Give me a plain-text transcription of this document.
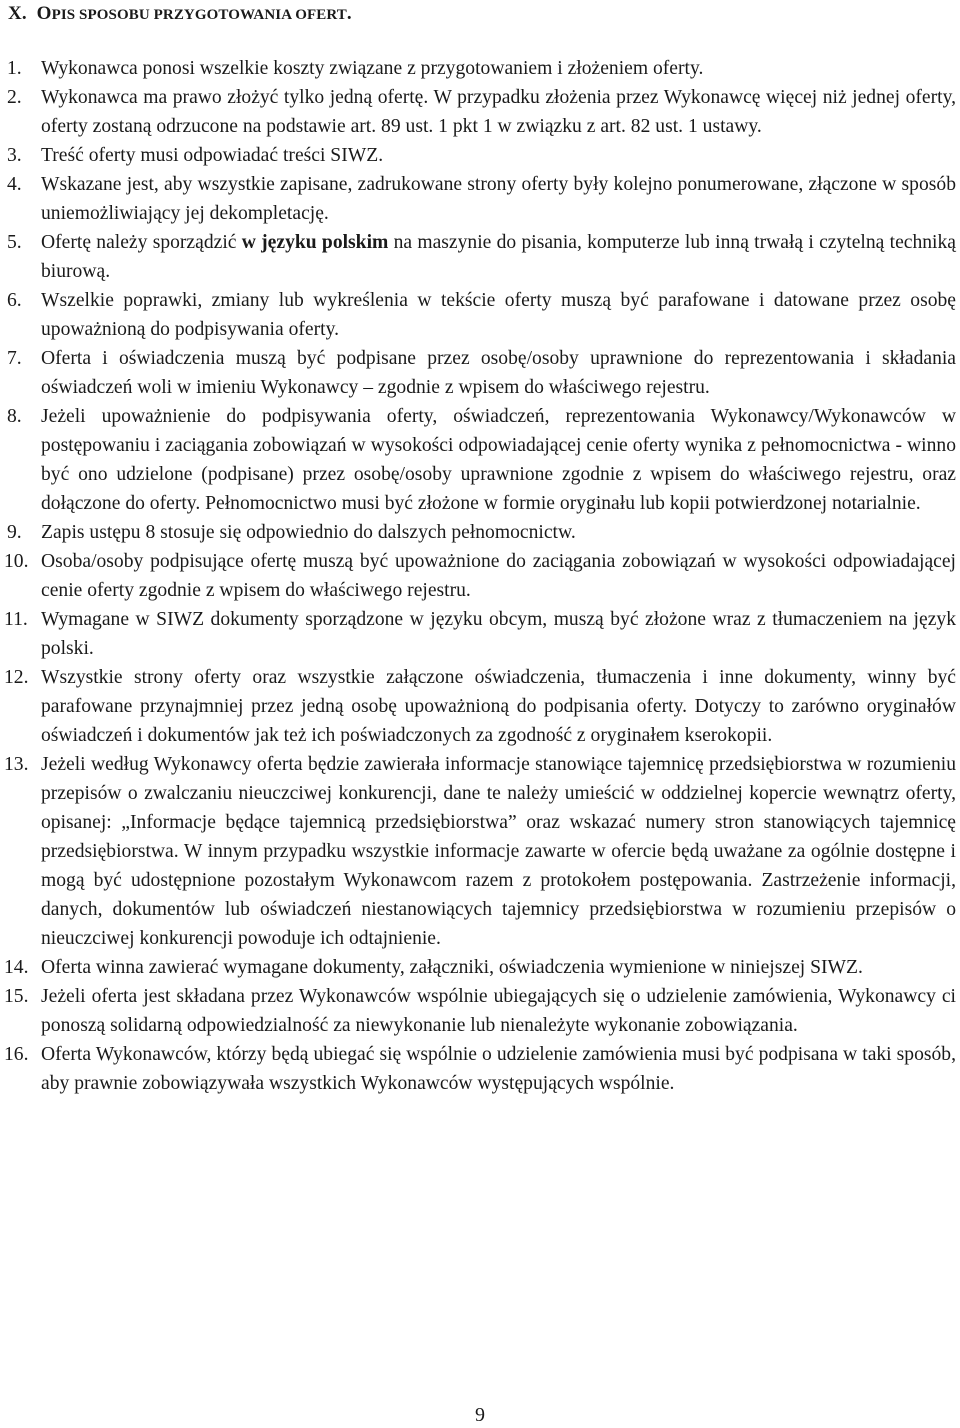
X. OPIS SPOSOBU PRZYGOTOWANIA OFERT.
1. Wykonawca ponosi wszelkie koszty związane z przygotowaniem i złożeniem oferty.
2. Wykonawca ma prawo złożyć tylko jedną ofertę. W przypadku złożenia przez Wykonawcę więcej niż jednej oferty, oferty zostaną odrzucone na podstawie art. 89 ust. 1 pkt 1 w związku z art. 82 ust. 1 ustawy.
3. Treść oferty musi odpowiadać treści SIWZ.
4. Wskazane jest, aby wszystkie zapisane, zadrukowane strony oferty były kolejno ponumerowane, złączone w sposób uniemożliwiający jej dekompletację.
5. Ofertę należy sporządzić w języku polskim na maszynie do pisania, komputerze lub inną trwałą i czytelną techniką biurową.
6. Wszelkie poprawki, zmiany lub wykreślenia w tekście oferty muszą być parafowane i datowane przez osobę upoważnioną do podpisywania oferty.
7. Oferta i oświadczenia muszą być podpisane przez osobę/osoby uprawnione do reprezentowania i składania oświadczeń woli w imieniu Wykonawcy – zgodnie z wpisem do właściwego rejestru.
8. Jeżeli upoważnienie do podpisywania oferty, oświadczeń, reprezentowania Wykonawcy/Wykonawców w postępowaniu i zaciągania zobowiązań w wysokości odpowiadającej cenie oferty wynika z pełnomocnictwa - winno być ono udzielone (podpisane) przez osobę/osoby uprawnione zgodnie z wpisem do właściwego rejestru, oraz dołączone do oferty. Pełnomocnictwo musi być złożone w formie oryginału lub kopii potwierdzonej notarialnie.
9. Zapis ustępu 8 stosuje się odpowiednio do dalszych pełnomocnictw.
10. Osoba/osoby podpisujące ofertę muszą być upoważnione do zaciągania zobowiązań w wysokości odpowiadającej cenie oferty zgodnie z wpisem do właściwego rejestru.
11. Wymagane w SIWZ dokumenty sporządzone w języku obcym, muszą być złożone wraz z tłumaczeniem na język polski.
12. Wszystkie strony oferty oraz wszystkie załączone oświadczenia, tłumaczenia i inne dokumenty, winny być parafowane przynajmniej przez jedną osobę upoważnioną do podpisania oferty. Dotyczy to zarówno oryginałów oświadczeń i dokumentów jak też ich poświadczonych za zgodność z oryginałem kserokopii.
13. Jeżeli według Wykonawcy oferta będzie zawierała informacje stanowiące tajemnicę przedsiębiorstwa w rozumieniu przepisów o zwalczaniu nieuczciwej konkurencji, dane te należy umieścić w oddzielnej kopercie wewnątrz oferty, opisanej: „Informacje będące tajemnicą przedsiębiorstwa” oraz wskazać numery stron stanowiących tajemnicę przedsiębiorstwa. W innym przypadku wszystkie informacje zawarte w ofercie będą uważane za ogólnie dostępne i mogą być udostępnione pozostałym Wykonawcom razem z protokołem postępowania. Zastrzeżenie informacji, danych, dokumentów lub oświadczeń niestanowiących tajemnicy przedsiębiorstwa w rozumieniu przepisów o nieuczciwej konkurencji powoduje ich odtajnienie.
14. Oferta winna zawierać wymagane dokumenty, załączniki, oświadczenia wymienione w niniejszej SIWZ.
15. Jeżeli oferta jest składana przez Wykonawców wspólnie ubiegających się o udzielenie zamówienia, Wykonawcy ci ponoszą solidarną odpowiedzialność za niewykonanie lub nienależyte wykonanie zobowiązania.
16. Oferta Wykonawców, którzy będą ubiegać się wspólnie o udzielenie zamówienia musi być podpisana w taki sposób, aby prawnie zobowiązywała wszystkich Wykonawców występujących wspólnie.
9
